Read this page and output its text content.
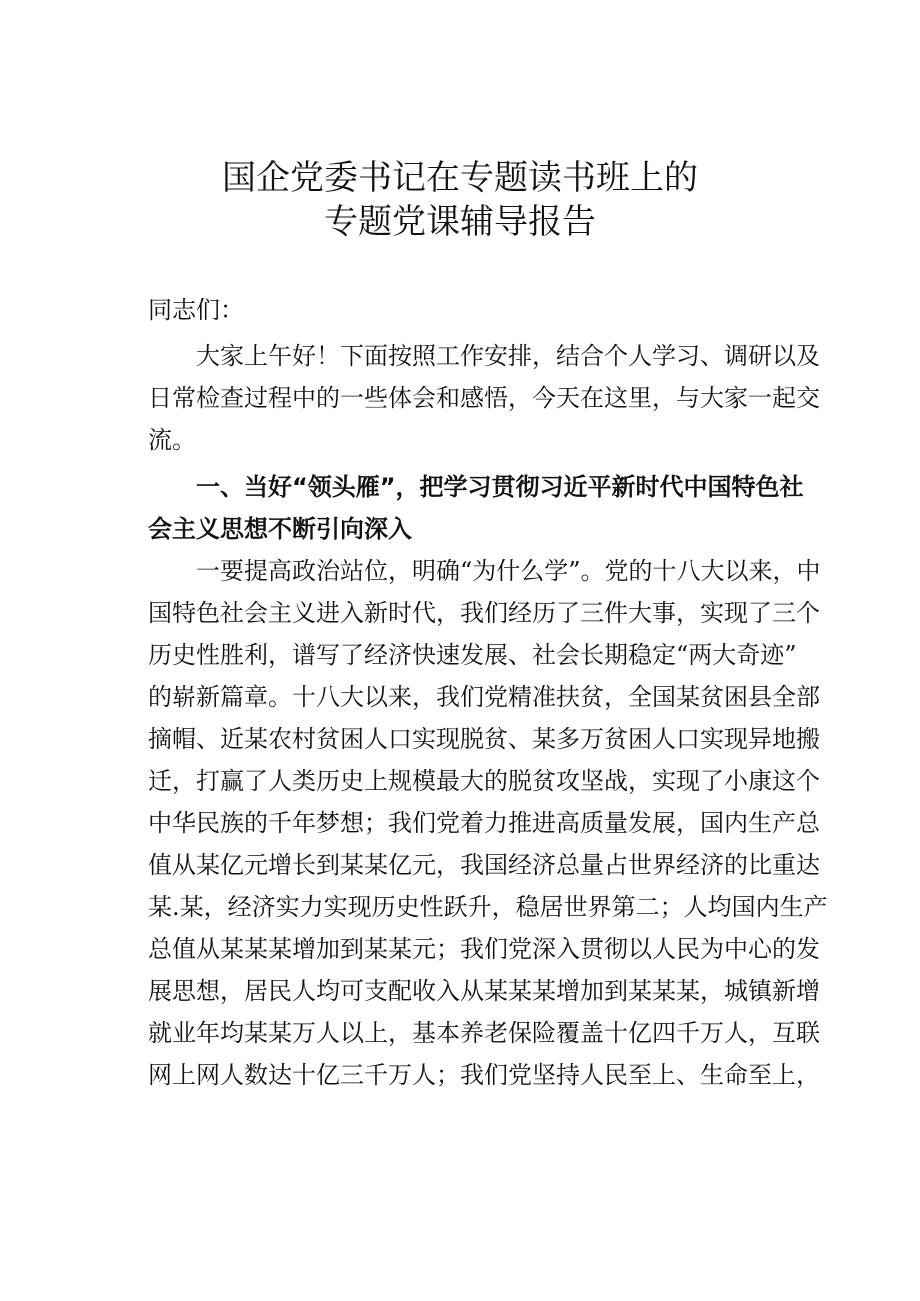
国企党委书记在专题读书班上的
专题党课辅导报告
同志们：
大家上午好！下面按照工作安排，结合个人学习、调研以及
日常检查过程中的一些体会和感悟，今天在这里，与大家一起交
流。
一、当好“领头雁”，把学习贯彻习近平新时代中国特色社
会主义思想不断引向深入
一要提高政治站位，明确“为什么学”。党的十八大以来，中
国特色社会主义进入新时代，我们经历了三件大事，实现了三个
历史性胜利，谱写了经济快速发展、社会长期稳定“两大奇迹”
的崭新篇章。十八大以来，我们党精准扶贫，全国某贫困县全部
摘帽、近某农村贫困人口实现脱贫、某多万贫困人口实现异地搬
迁，打赢了人类历史上规模最大的脱贫攻坚战，实现了小康这个
中华民族的千年梦想；我们党着力推进高质量发展，国内生产总
值从某亿元增长到某某亿元，我国经济总量占世界经济的比重达
某.某，经济实力实现历史性跃升，稳居世界第二；人均国内生产
总值从某某某增加到某某元；我们党深入贯彻以人民为中心的发
展思想，居民人均可支配收入从某某某增加到某某某，城镇新增
就业年均某某万人以上，基本养老保险覆盖十亿四千万人，互联
网上网人数达十亿三千万人；我们党坚持人民至上、生命至上，
